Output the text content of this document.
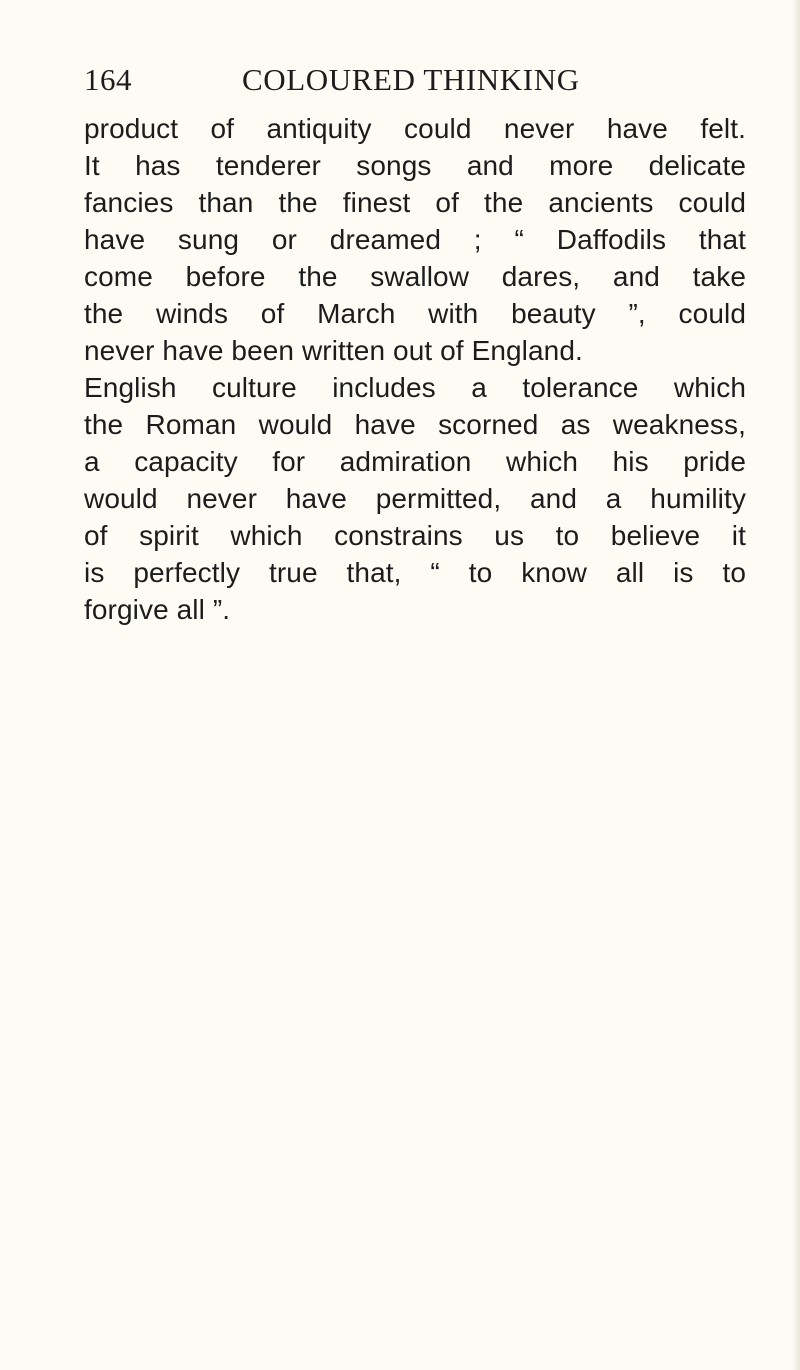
164	COLOURED THINKING
product of antiquity could never have felt.
It has tenderer songs and more delicate
fancies than the finest of the ancients could
have sung or dreamed ; “ Daffodils that
come before the swallow dares, and take
the winds of March with beauty ”, could
never have been written out of England.
English culture includes a tolerance which
the Roman would have scorned as weakness,
a capacity for admiration which his pride
would never have permitted, and a humility
of spirit which constrains us to believe it
is perfectly true that, “ to know all is to
forgive all ”.
